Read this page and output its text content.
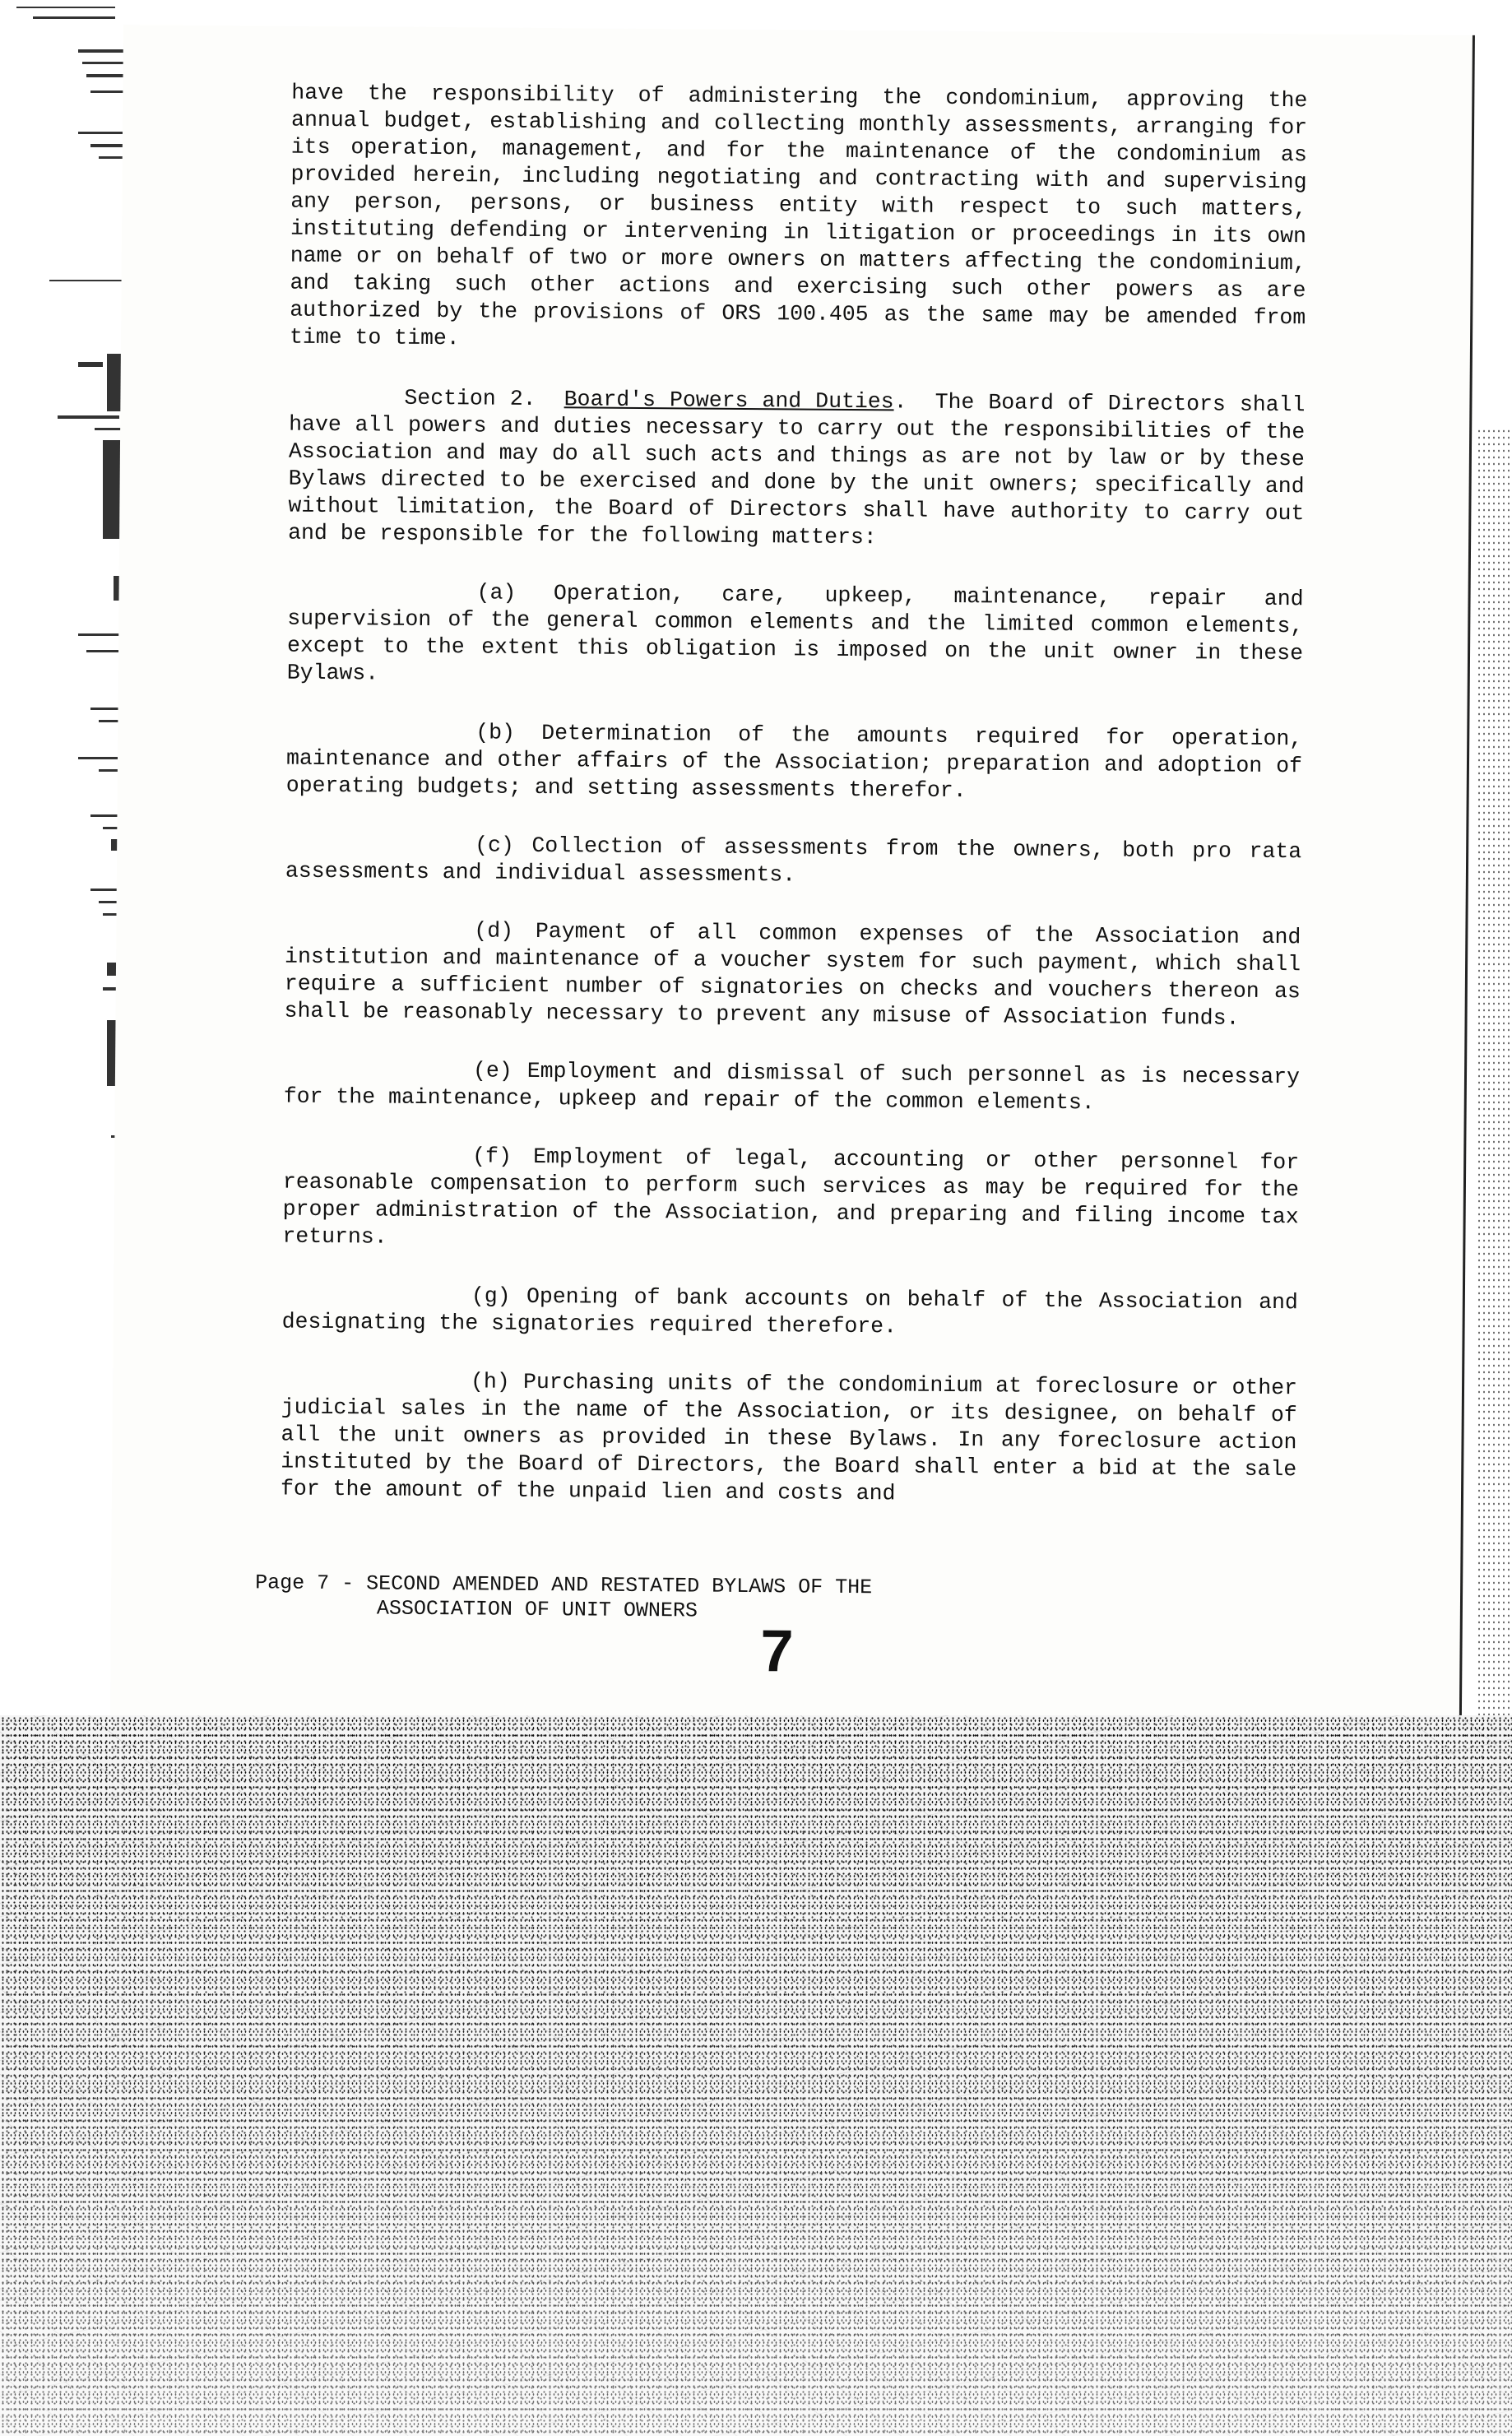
have the responsibility of administering the condominium, approving the annual budget, establishing and collecting monthly assessments, arranging for its operation, management, and for the maintenance of the condominium as provided herein, including negotiating and contracting with and supervising any person, persons, or business entity with respect to such matters, instituting defending or intervening in litigation or proceedings in its own name or on behalf of two or more owners on matters affecting the condominium, and taking such other actions and exercising such other powers as are authorized by the provisions of ORS 100.405 as the same may be amended from time to time.

Section 2. Board's Powers and Duties. The Board of Directors shall have all powers and duties necessary to carry out the responsibilities of the Association and may do all such acts and things as are not by law or by these Bylaws directed to be exercised and done by the unit owners; specifically and without limitation, the Board of Directors shall have authority to carry out and be responsible for the following matters:

(a) Operation, care, upkeep, maintenance, repair and supervision of the general common elements and the limited common elements, except to the extent this obligation is imposed on the unit owner in these Bylaws.

(b) Determination of the amounts required for operation, maintenance and other affairs of the Association; preparation and adoption of operating budgets; and setting assessments therefor.

(c) Collection of assessments from the owners, both pro rata assessments and individual assessments.

(d) Payment of all common expenses of the Association and institution and maintenance of a voucher system for such payment, which shall require a sufficient number of signatories on checks and vouchers thereon as shall be reasonably necessary to prevent any misuse of Association funds.

(e) Employment and dismissal of such personnel as is necessary for the maintenance, upkeep and repair of the common elements.

(f) Employment of legal, accounting or other personnel for reasonable compensation to perform such services as may be required for the proper administration of the Association, and preparing and filing income tax returns.

(g) Opening of bank accounts on behalf of the Association and designating the signatories required therefore.

(h) Purchasing units of the condominium at foreclosure or other judicial sales in the name of the Association, or its designee, on behalf of all the unit owners as provided in these Bylaws. In any foreclosure action instituted by the Board of Directors, the Board shall enter a bid at the sale for the amount of the unpaid lien and costs and

Page 7 - SECOND AMENDED AND RESTATED BYLAWS OF THE
ASSOCIATION OF UNIT OWNERS
7
